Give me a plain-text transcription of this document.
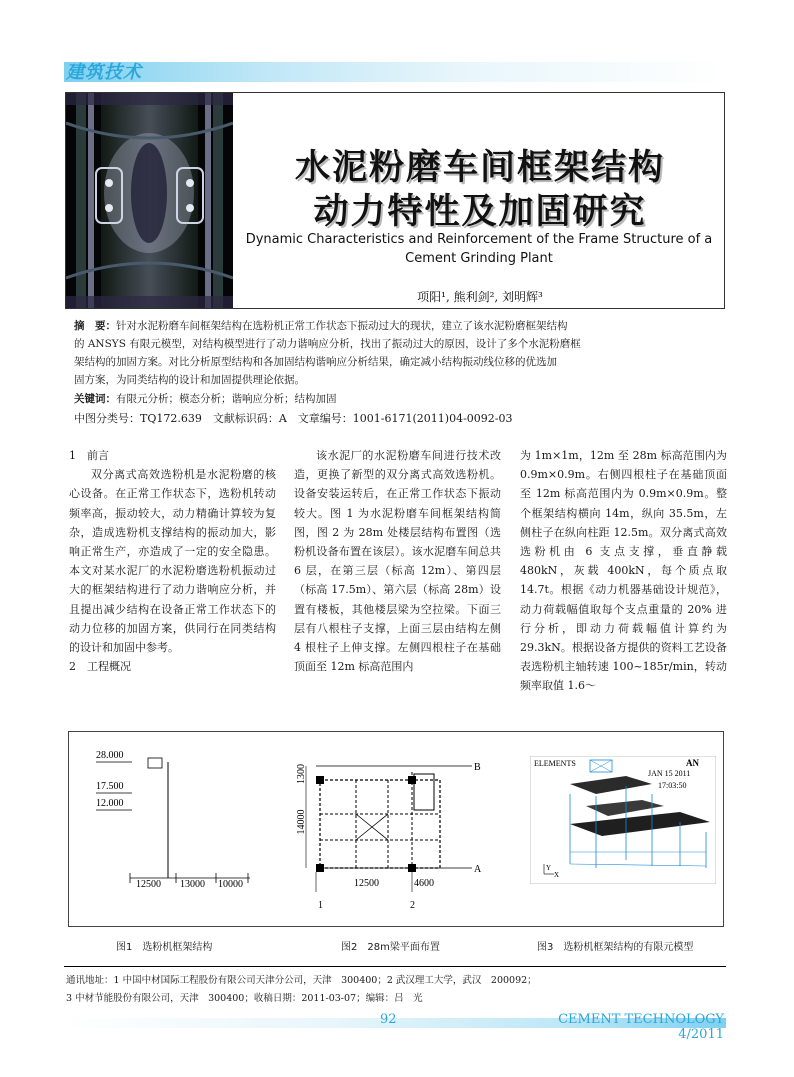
建筑技术
水泥粉磨车间框架结构
动力特性及加固研究
Dynamic Characteristics and Reinforcement of the Frame Structure of a Cement Grinding Plant
项阳¹, 熊利剑², 刘明辉³
摘　要：针对水泥粉磨车间框架结构在选粉机正常工作状态下振动过大的现状，建立了该水泥粉磨框架结构
的 ANSYS 有限元模型，对结构模型进行了动力谐响应分析，找出了振动过大的原因，设计了多个水泥粉磨框
架结构的加固方案。对比分析原型结构和各加固结构谐响应分析结果，确定减小结构振动线位移的优选加
固方案，为同类结构的设计和加固提供理论依据。
关键词：有限元分析；模态分析；谐响应分析；结构加固
中图分类号：TQ172.639　文献标识码：A　文章编号：1001-6171(2011)04-0092-03

1　前言

双分离式高效选粉机是水泥粉磨的核心设备。在正常工作状态下，选粉机转动频率高，振动较大，动力精确计算较为复杂，造成选粉机支撑结构的振动加大，影响正常生产，亦造成了一定的安全隐患。本文对某水泥厂的水泥粉磨选粉机振动过大的框架结构进行了动力谐响应分析，并且提出减少结构在设备正常工作状态下的动力位移的加固方案，供同行在同类结构的设计和加固中参考。

2　工程概况

该水泥厂的水泥粉磨车间进行技术改造，更换了新型的双分离式高效选粉机。设备安装运转后，在正常工作状态下振动较大。图 1 为水泥粉磨车间框架结构简图，图 2 为 28m 处楼层结构布置图（选粉机设备布置在该层）。该水泥磨车间总共 6 层，在第三层（标高 12m）、第四层（标高 17.5m）、第六层（标高 28m）设置有楼板，其他楼层梁为空拉梁。下面三层有八根柱子支撑，上面三层由结构左侧 4 根柱子上伸支撑。左侧四根柱子在基础顶面至 12m 标高范围内

为 1m×1m，12m 至 28m 标高范围内为 0.9m×0.9m。右侧四根柱子在基础顶面至 12m 标高范围内为 0.9m×0.9m。整个框架结构横向 14m，纵向 35.5m，左侧柱子在纵向柱距 12.5m。双分离式高效选粉机由 6 支点支撑，垂直静载 480kN，灰载 400kN，每个质点取 14.7t。根据《动力机器基础设计规范》，动力荷载幅值取每个支点重量的 20% 进行分析，即动力荷载幅值计算约为 29.3kN。根据设备方提供的资料工艺设备表选粉机主轴转速 100~185r/min，转动频率取值 1.6～

28.000
17.500
12.000
12500 13000 10000
1300
14000
12500	4600
B
A
1	2
ELEMENTS	AN
JAN 15 2011
17:03:50
Y
X
图1　选粉机框架结构	图2　28m梁平面布置	图3　选粉机框架结构的有限元模型
通讯地址：1 中国中材国际工程股份有限公司天津分公司，天津　300400；2 武汉理工大学，武汉　200092；
3 中材节能股份有限公司，天津　300400；收稿日期：2011-03-07；编辑：吕　光
92	CEMENT TECHNOLOGY 4/2011
